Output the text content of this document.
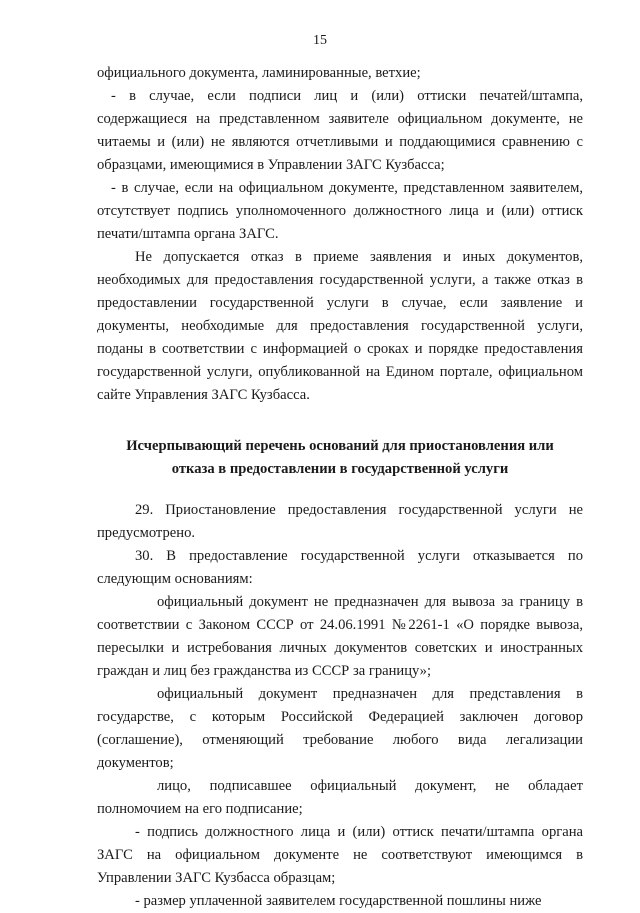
15

официального документа, ламинированные, ветхие;

- в случае, если подписи лиц и (или) оттиски печатей/штампа, содержащиеся на представленном заявителе официальном документе, не читаемы и (или) не являются отчетливыми и поддающимися сравнению с образцами, имеющимися в Управлении ЗАГС Кузбасса;

- в случае, если на официальном документе, представленном заявителем, отсутствует подпись уполномоченного должностного лица и (или) оттиск печати/штампа органа ЗАГС.

Не допускается отказ в приеме заявления и иных документов, необходимых для предоставления государственной услуги, а также отказ в предоставлении государственной услуги в случае, если заявление и документы, необходимые для предоставления государственной услуги, поданы в соответствии с информацией о сроках и порядке предоставления государственной услуги, опубликованной на Едином портале, официальном сайте Управления ЗАГС Кузбасса.

Исчерпывающий перечень оснований для приостановления или отказа в предоставлении в государственной услуги

29. Приостановление предоставления государственной услуги не предусмотрено.

30. В предоставление государственной услуги отказывается по следующим основаниям:

официальный документ не предназначен для вывоза за границу в соответствии с Законом СССР от 24.06.1991 №2261-1 «О порядке вывоза, пересылки и истребования личных документов советских и иностранных граждан и лиц без гражданства из СССР за границу»;

официальный документ предназначен для представления в государстве, с которым Российской Федерацией заключен договор (соглашение), отменяющий требование любого вида легализации документов;

лицо, подписавшее официальный документ, не обладает полномочием на его подписание;

- подпись должностного лица и (или) оттиск печати/штампа органа ЗАГС на официальном документе не соответствуют имеющимся в Управлении ЗАГС Кузбасса образцам;

- размер уплаченной заявителем государственной пошлины ниже
